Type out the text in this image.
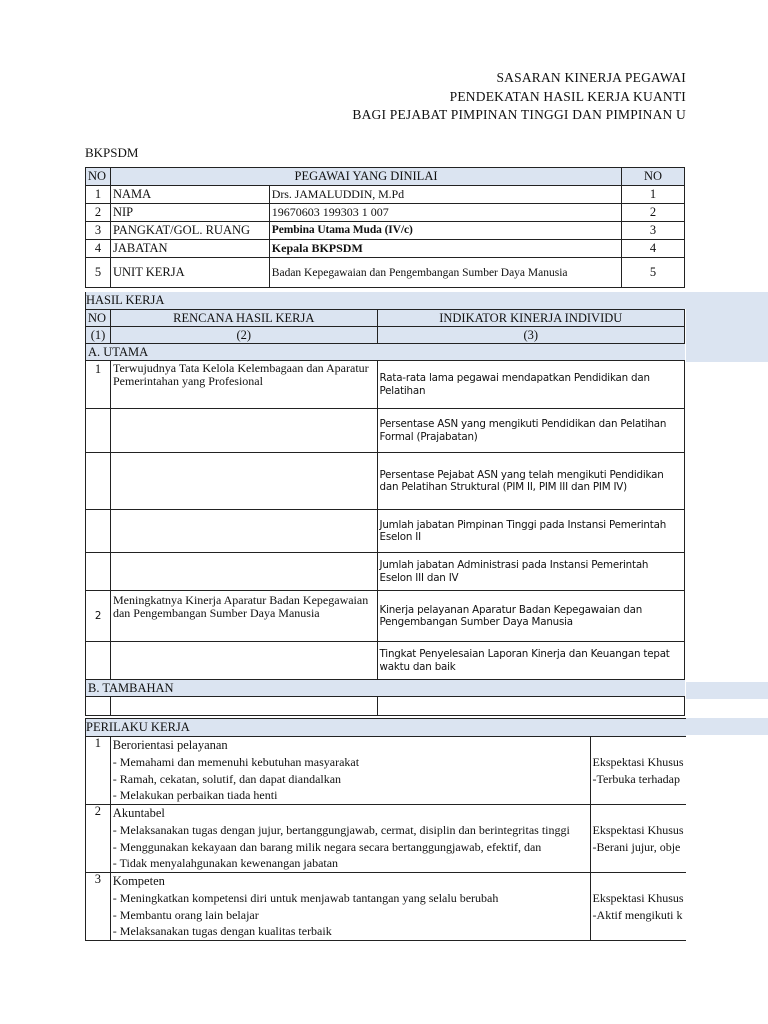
SASARAN KINERJA PEGAWAI
PENDEKATAN HASIL KERJA KUANTI
BAGI PEJABAT PIMPINAN TINGGI DAN PIMPINAN U
BKPSDM
NO	PEGAWAI YANG DINILAI		NO
1	NAMA	Drs. JAMALUDDIN, M.Pd	1
2	NIP	19670603 199303 1 007	2
3	PANGKAT/GOL. RUANG	Pembina Utama Muda (IV/c)	3
4	JABATAN	Kepala BKPSDM	4
5	UNIT KERJA	Badan Kepegawaian dan Pengembangan Sumber Daya Manusia	5
HASIL KERJA
NO	RENCANA HASIL KERJA	INDIKATOR KINERJA INDIVIDU
(1)	(2)	(3)
A. UTAMA		
1	Terwujudnya Tata Kelola Kelembagaan dan Aparatur Pemerintahan yang Profesional	Rata-rata lama pegawai mendapatkan Pendidikan dan Pelatihan
		Persentase ASN yang mengikuti Pendidikan dan Pelatihan Formal (Prajabatan)
		Persentase Pejabat ASN yang telah mengikuti Pendidikan dan Pelatihan Struktural (PIM II, PIM III dan PIM IV)
		Jumlah jabatan Pimpinan Tinggi pada Instansi Pemerintah Eselon II
		Jumlah jabatan Administrasi pada Instansi Pemerintah Eselon III dan IV
2	Meningkatnya Kinerja Aparatur Badan Kepegawaian dan Pengembangan Sumber Daya Manusia	Kinerja pelayanan Aparatur Badan Kepegawaian dan Pengembangan Sumber Daya Manusia
		Tingkat Penyelesaian Laporan Kinerja dan Keuangan tepat waktu dan baik
B. TAMBAHAN		

PERILAKU KERJA
1	Berorientasi pelayanan	
	- Memahami dan memenuhi kebutuhan masyarakat	Ekspektasi Khusus
	- Ramah, cekatan, solutif, dan dapat diandalkan	-Terbuka terhadap
	- Melakukan perbaikan tiada henti	
2	Akuntabel	
	- Melaksanakan tugas dengan jujur, bertanggungjawab, cermat, disiplin dan berintegritas tinggi	Ekspektasi Khusus
	- Menggunakan kekayaan dan barang milik negara secara bertanggungjawab, efektif, dan	-Berani jujur, obje
	- Tidak menyalahgunakan kewenangan jabatan	
3	Kompeten	
	- Meningkatkan kompetensi diri untuk menjawab tantangan yang selalu berubah	Ekspektasi Khusus
	- Membantu orang lain belajar	-Aktif mengikuti k
	- Melaksanakan tugas dengan kualitas terbaik	
